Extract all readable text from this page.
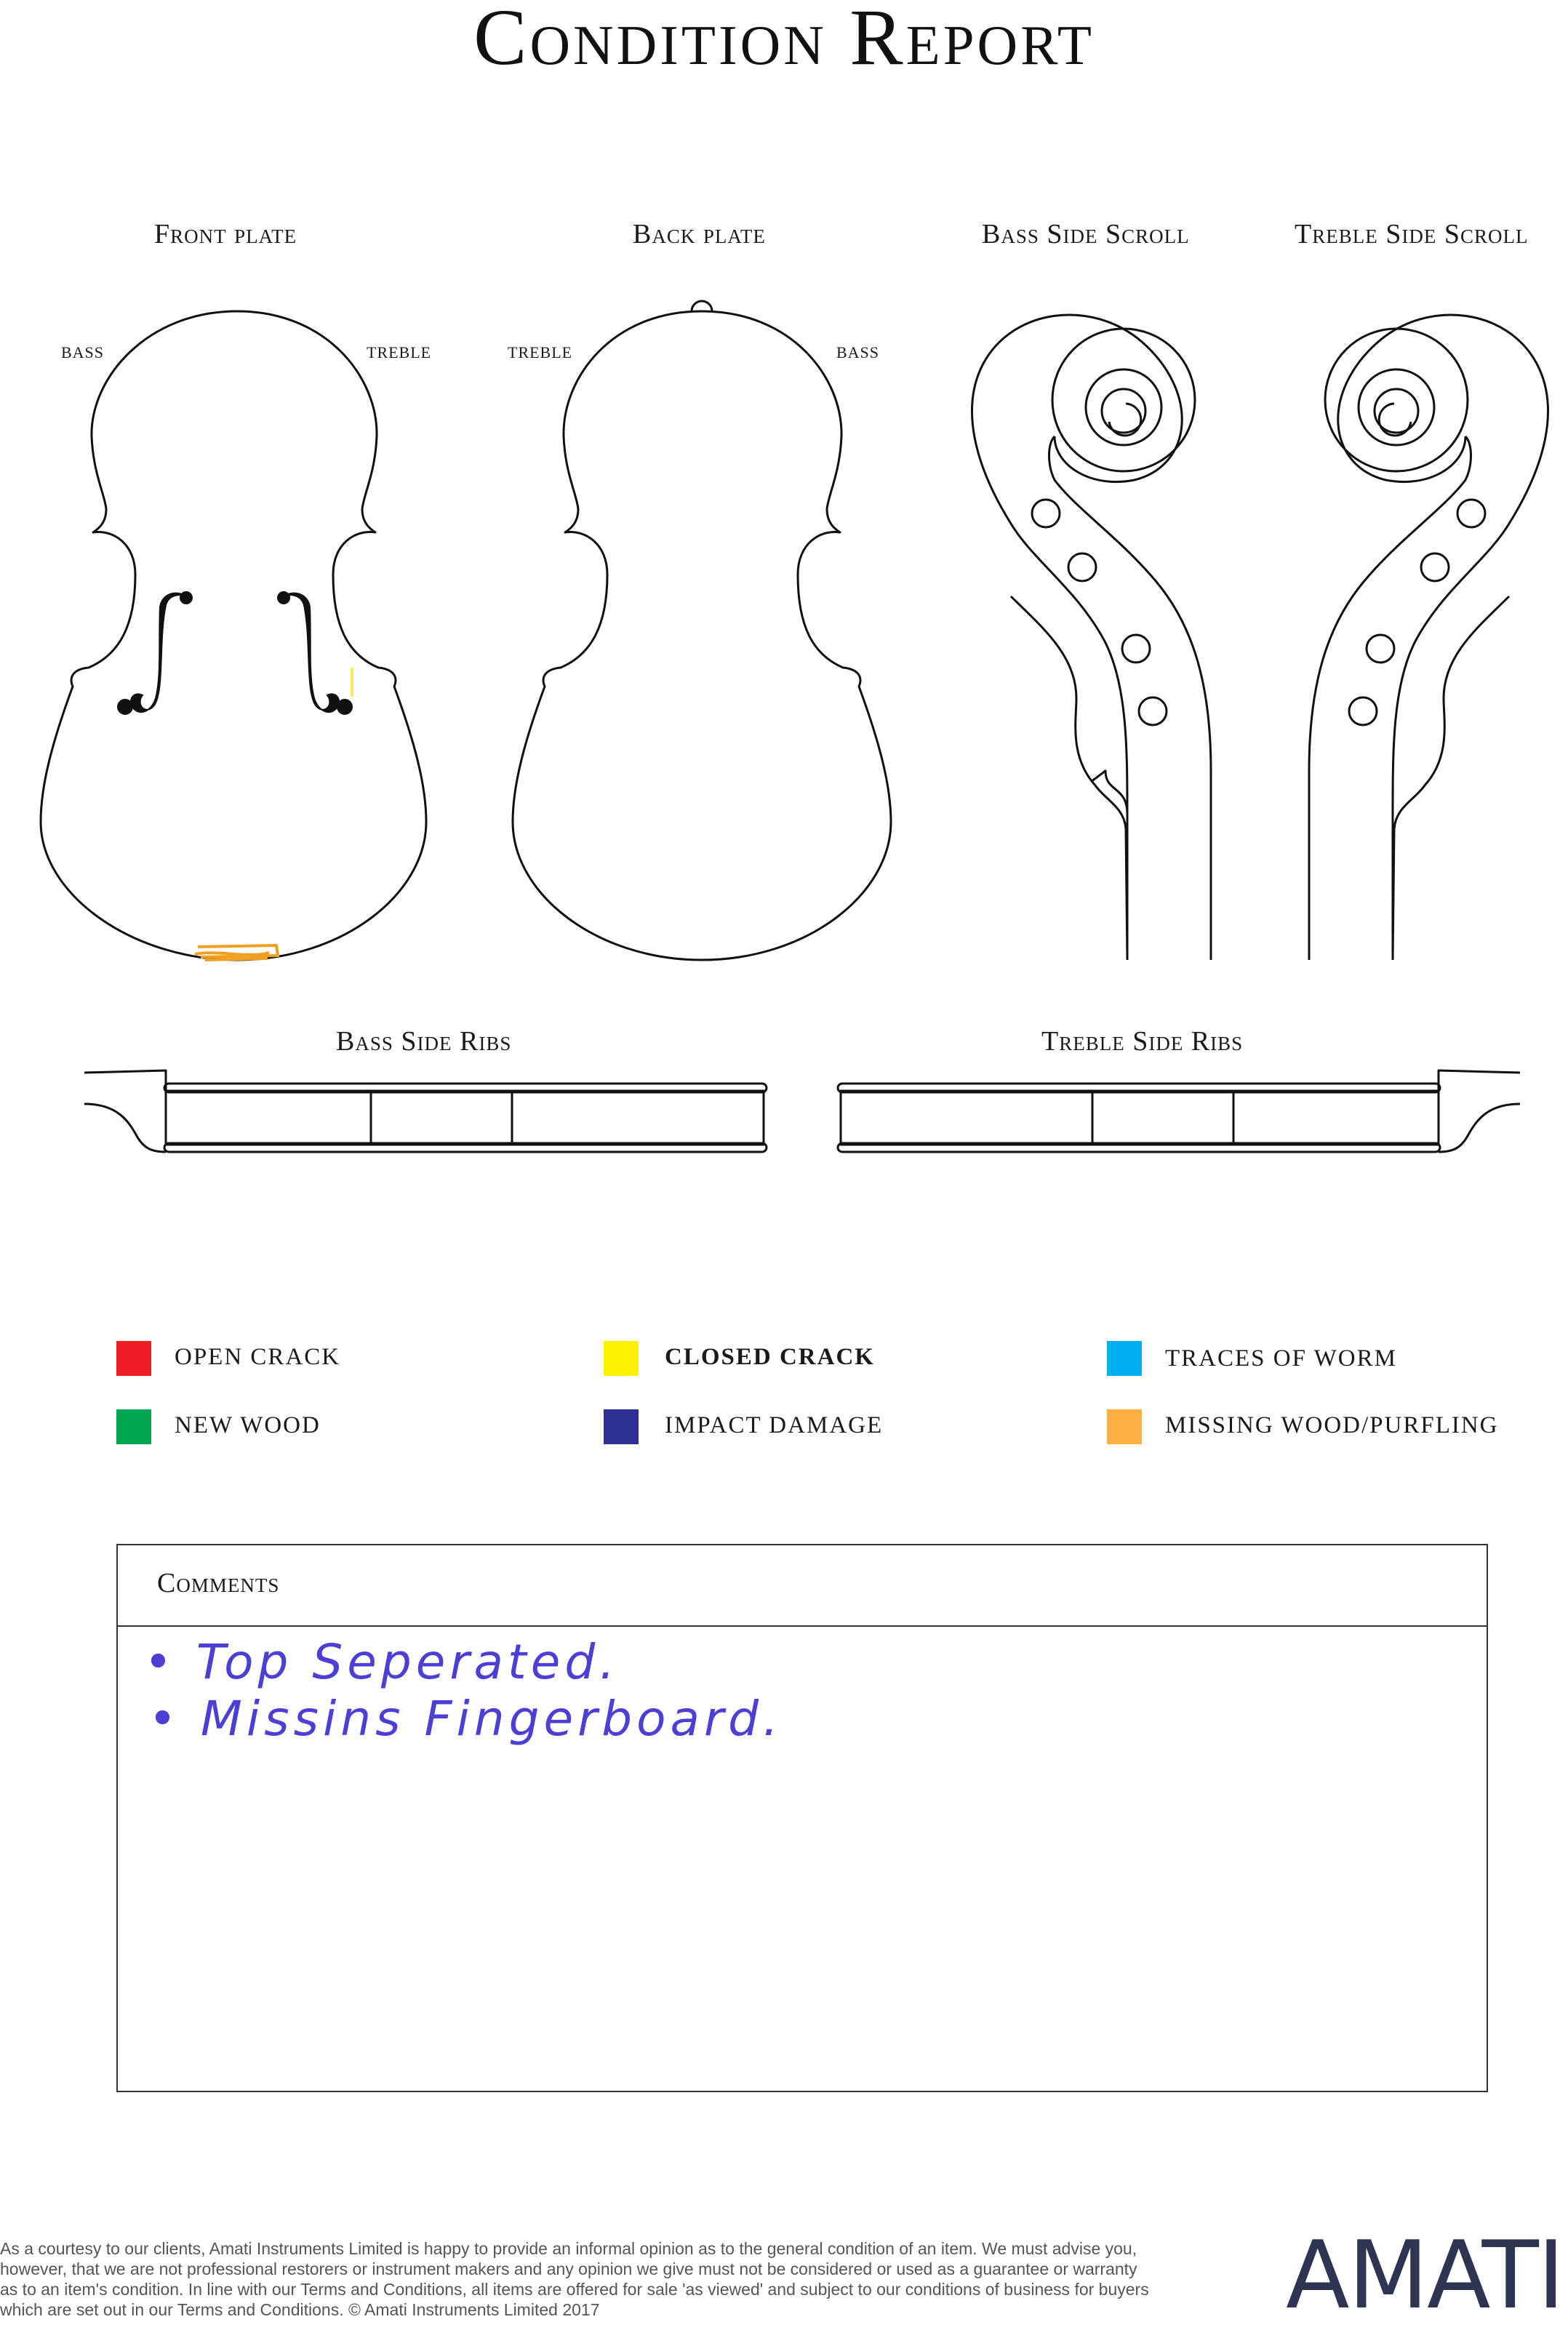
Condition Report
Front plate	Back plate	Bass Side Scroll	Treble Side Scroll
Bass Side Ribs	Treble Side Ribs
BASS	TREBLE	TREBLE	BASS
OPEN CRACK	CLOSED CRACK	TRACES OF WORM
NEW WOOD	IMPACT DAMAGE	MISSING WOOD/PURFLING
Comments
• Top Seperated.
• Missins Fingerboard.
As a courtesy to our clients, Amati Instruments Limited is happy to provide an informal opinion as to the general condition of an item. We must advise you, however, that we are not professional restorers or instrument makers and any opinion we give must not be considered or used as a guarantee or warranty as to an item's condition. In line with our Terms and Conditions, all items are offered for sale 'as viewed' and subject to our conditions of business for buyers which are set out in our Terms and Conditions. © Amati Instruments Limited 2017	AMATI
